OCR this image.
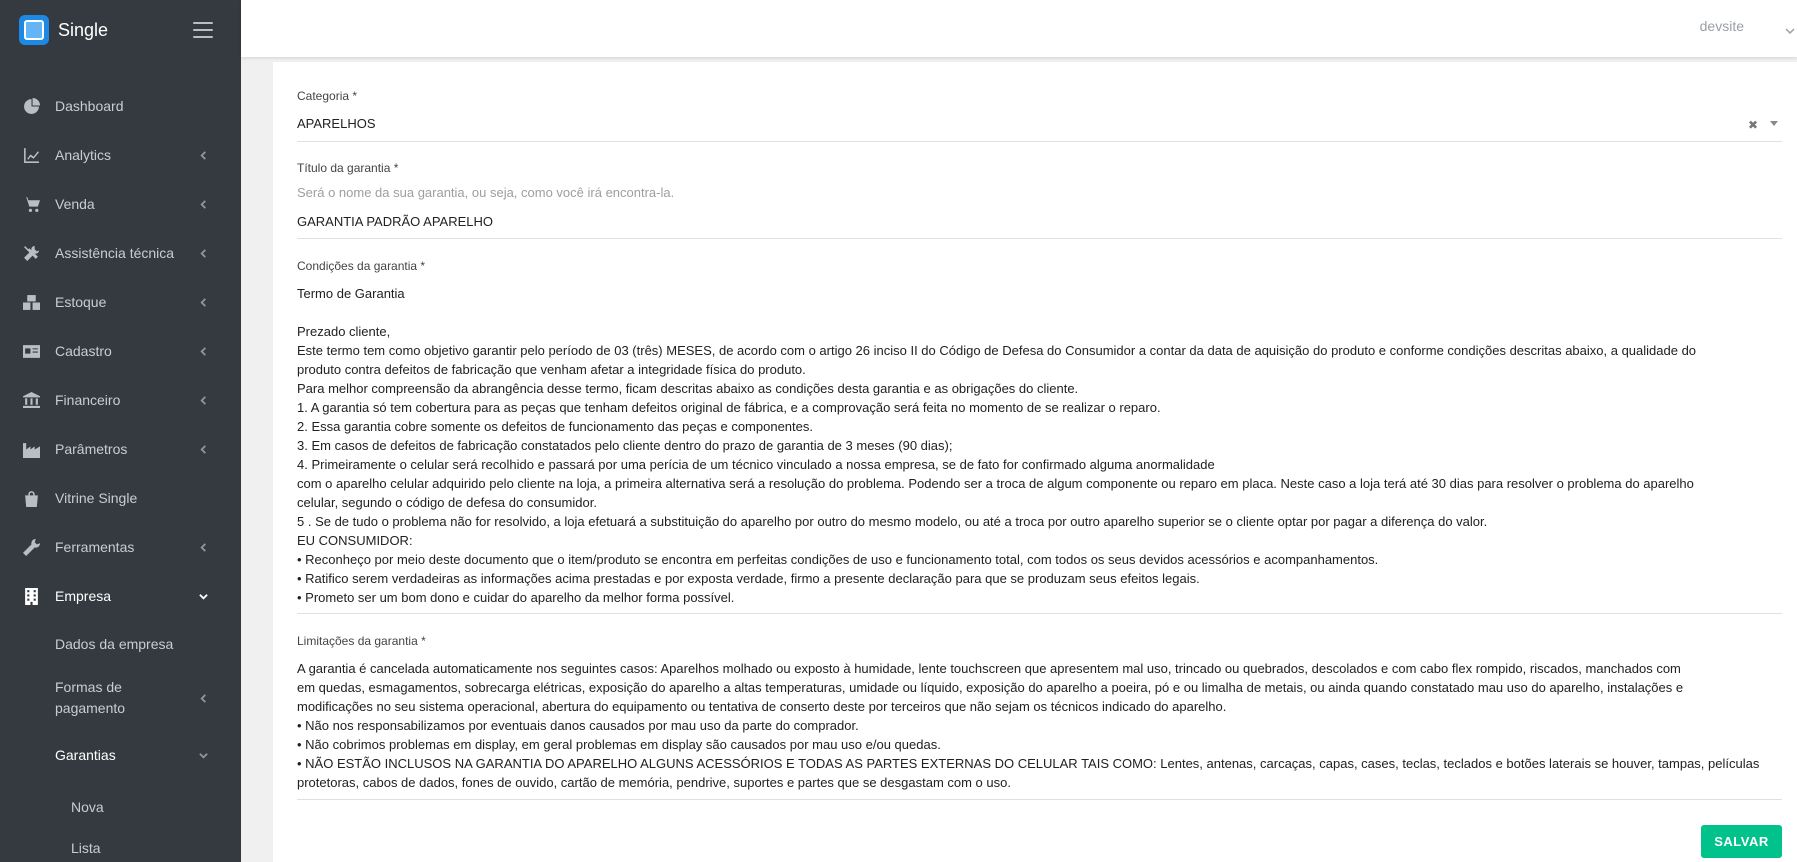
Single
Dashboard
Analytics
Venda
Assistência técnica
Estoque
Cadastro
Financeiro
Parâmetros
Vitrine Single
Ferramentas
Empresa
Dados da empresa
Formas de pagamento
Garantias
Nova
Lista
devsite
Categoria *
APARELHOS	✖
Título da garantia *
Será o nome da sua garantia, ou seja, como você irá encontra-la.
GARANTIA PADRÃO APARELHO
Condições da garantia *
Termo de Garantia

Prezado cliente,
Este termo tem como objetivo garantir pelo período de 03 (três) MESES, de acordo com o artigo 26 inciso II do Código de Defesa do Consumidor a contar da data de aquisição do produto e conforme condições descritas abaixo, a qualidade do
produto contra defeitos de fabricação que venham afetar a integridade física do produto.
Para melhor compreensão da abrangência desse termo, ficam descritas abaixo as condições desta garantia e as obrigações do cliente.
1. A garantia só tem cobertura para as peças que tenham defeitos original de fábrica, e a comprovação será feita no momento de se realizar o reparo.
2. Essa garantia cobre somente os defeitos de funcionamento das peças e componentes.
3. Em casos de defeitos de fabricação constatados pelo cliente dentro do prazo de garantia de 3 meses (90 dias);
4. Primeiramente o celular será recolhido e passará por uma perícia de um técnico vinculado a nossa empresa, se de fato for confirmado alguma anormalidade
com o aparelho celular adquirido pelo cliente na loja, a primeira alternativa será a resolução do problema. Podendo ser a troca de algum componente ou reparo em placa. Neste caso a loja terá até 30 dias para resolver o problema do aparelho
celular, segundo o código de defesa do consumidor.
5 . Se de tudo o problema não for resolvido, a loja efetuará a substituição do aparelho por outro do mesmo modelo, ou até a troca por outro aparelho superior se o cliente optar por pagar a diferença do valor.
EU CONSUMIDOR:
• Reconheço por meio deste documento que o item/produto se encontra em perfeitas condições de uso e funcionamento total, com todos os seus devidos acessórios e acompanhamentos.
• Ratifico serem verdadeiras as informações acima prestadas e por exposta verdade, firmo a presente declaração para que se produzam seus efeitos legais.
• Prometo ser um bom dono e cuidar do aparelho da melhor forma possível.
Limitações da garantia *
A garantia é cancelada automaticamente nos seguintes casos: Aparelhos molhado ou exposto à humidade, lente touchscreen que apresentem mal uso, trincado ou quebrados, descolados e com cabo flex rompido, riscados, manchados com
em quedas, esmagamentos, sobrecarga elétricas, exposição do aparelho a altas temperaturas, umidade ou líquido, exposição do aparelho a poeira, pó e ou limalha de metais, ou ainda quando constatado mau uso do aparelho, instalações e
modificações no seu sistema operacional, abertura do equipamento ou tentativa de conserto deste por terceiros que não sejam os técnicos indicado do aparelho.
• Não nos responsabilizamos por eventuais danos causados por mau uso da parte do comprador.
• Não cobrimos problemas em display, em geral problemas em display são causados por mau uso e/ou quedas.
• NÃO ESTÃO INCLUSOS NA GARANTIA DO APARELHO ALGUNS ACESSÓRIOS E TODAS AS PARTES EXTERNAS DO CELULAR TAIS COMO: Lentes, antenas, carcaças, capas, cases, teclas, teclados e botões laterais se houver, tampas, películas
protetoras, cabos de dados, fones de ouvido, cartão de memória, pendrive, suportes e partes que se desgastam com o uso.
SALVAR
